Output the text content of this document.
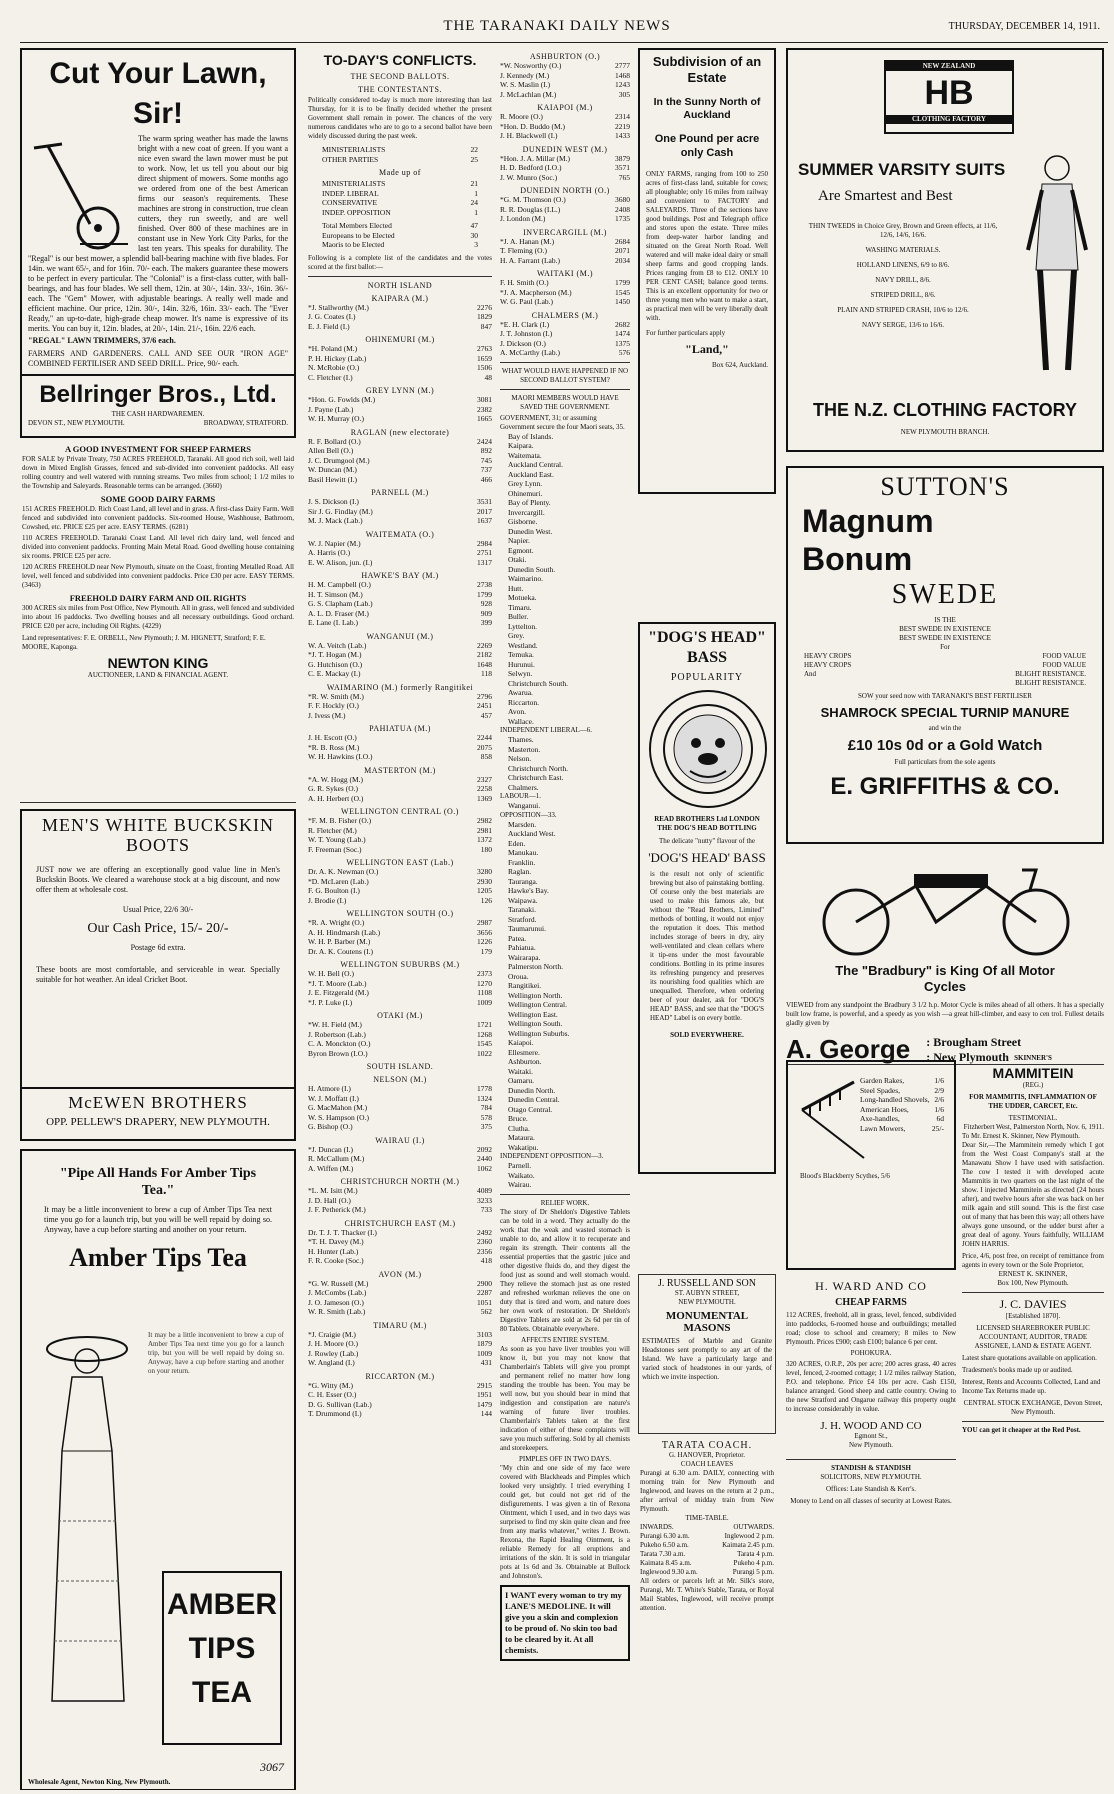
THE TARANAKI DAILY NEWS	THURSDAY, DECEMBER 14, 1911.
Cut Your Lawn, Sir!
The warm spring weather has made the lawns bright with a new coat of green. If you want a nice even sward the lawn mower must be put to work. Now, let us tell you about our big direct shipment of mowers. Some months ago we ordered from one of the best American firms our season's requirements. These machines are strong in construction, true clean cutters, they run sweetly, and are well finished. Over 800 of these machines are in constant use in New York City Parks, for the last ten years. This speaks for durability. The "Regal" is our best mower, a splendid ball-bearing machine with five blades. For 14in. we want 65/-, and for 16in. 70/- each. The makers guarantee these mowers to be perfect in every particular. The "Colonial" is a first-class cutter, with ball-bearings, and has four blades. We sell them, 12in. at 30/-, 14in. 33/-, 16in. 36/- each. The "Gem" Mower, with adjustable bearings. A really well made and efficient machine. Our price, 12in. 30/-, 14in. 32/6, 16in. 33/- each. The "Ever Ready," an up-to-date, high-grade cheap mower. It's name is expressive of its merits. You can buy it, 12in. blades, at 20/-, 14in. 21/-, 16in. 22/6 each.
"REGAL" LAWN TRIMMERS, 37/6 each.
FARMERS AND GARDENERS. CALL AND SEE OUR "IRON AGE" COMBINED FERTILISER AND SEED DRILL. Price, 90/- each.
Bellringer Bros., Ltd.
THE CASH HARDWAREMEN.
DEVON ST., NEW PLYMOUTH.	BROADWAY, STRATFORD.
A GOOD INVESTMENT FOR SHEEP FARMERS
FOR SALE by Private Treaty, 750 ACRES FREEHOLD, Taranaki. All good rich soil, well laid down in Mixed English Grasses, fenced and sub-divided into convenient paddocks. All easy rolling country and well watered with running streams. Two miles from school; 1 1/2 miles to the Township and Saleyards. Reasonable terms can be arranged. (3660)
SOME GOOD DAIRY FARMS
151 ACRES FREEHOLD. Rich Coast Land, all level and in grass. A first-class Dairy Farm. Well fenced and subdivided into convenient paddocks. Six-roomed House, Washhouse, Bathroom, Cowshed, etc. PRICE £25 per acre. EASY TERMS. (6281)
110 ACRES FREEHOLD. Taranaki Coast Land. All level rich dairy land, well fenced and divided into convenient paddocks. Fronting Main Metal Road. Good dwelling house containing six rooms. PRICE £25 per acre.
120 ACRES FREEHOLD near New Plymouth, situate on the Coast, fronting Metalled Road. All level, well fenced and subdivided into convenient paddocks. Price £30 per acre. EASY TERMS. (3463)
FREEHOLD DAIRY FARM AND OIL RIGHTS
300 ACRES six miles from Post Office, New Plymouth. All in grass, well fenced and subdivided into about 16 paddocks. Two dwelling houses and all necessary outbuildings. Good orchard. PRICE £20 per acre, including Oil Rights. (4229)
Land representatives: F. E. ORBELL, New Plymouth; J. M. HIGNETT, Stratford; F. E. MOORE, Kaponga.
NEWTON KING
AUCTIONEER, LAND & FINANCIAL AGENT.
MEN'S WHITE BUCKSKIN BOOTS
JUST now we are offering an exceptionally good value line in Men's Buckskin Boots. We cleared a warehouse stock at a big discount, and now offer them at wholesale cost.
Usual Price, 22/6 30/-
Our Cash Price, 15/- 20/-
Postage 6d extra.
These boots are most comfortable, and serviceable in wear. Specially suitable for hot weather. An ideal Cricket Boot.
McEWEN BROTHERS
OPP. PELLEW'S DRAPERY, NEW PLYMOUTH.
"Pipe All Hands For Amber Tips Tea."
It may be a little inconvenient to brew a cup of Amber Tips Tea next time you go for a launch trip, but you will be well repaid by doing so. Anyway, have a cup before starting and another on your return.
Amber Tips Tea
It may be a little inconvenient to brew a cup of Amber Tips Tea next time you go for a launch trip, but you will be well repaid by doing so. Anyway, have a cup before starting and another on your return.
AMBER TIPS TEA
3067
Wholesale Agent, Newton King, New Plymouth.
TO-DAY'S CONFLICTS.
THE SECOND BALLOTS.
THE CONTESTANTS.
Politically considered to-day is much more interesting than last Thursday, for it is to be finally decided whether the present Government shall remain in power. The chances of the very numerous candidates who are to go to a second ballot have been widely discussed during the past week.
MINISTERIALISTS	22
OTHER PARTIES	25
Made up of
MINISTERIALISTS	21
INDEP. LIBERAL	1
CONSERVATIVE	24
INDEP. OPPOSITION	1
Total Members Elected	47
Europeans to be Elected	30
Maoris to be Elected	3
Following is a complete list of the candidates and the votes scored at the first ballot:—
NORTH ISLAND
KAIPARA (M.)
*J. Stallworthy (M.)	2276
J. G. Coates (I.)	1829
E. J. Field (I.)	847
OHINEMURI (M.)
*H. Poland (M.)	2763
P. H. Hickey (Lab.)	1659
N. McRobie (O.)	1506
C. Fletcher (I.)	48
GREY LYNN (M.)
*Hon. G. Fowlds (M.)	3081
J. Payne (Lab.)	2382
W. H. Murray (O.)	1665
RAGLAN (new electorate)
R. F. Bollard (O.)	2424
Allen Bell (O.)	892
J. C. Drumgool (M.)	745
W. Duncan (M.)	737
Basil Hewitt (I.)	466
PARNELL (M.)
J. S. Dickson (I.)	3531
Sir J. G. Findlay (M.)	2017
M. J. Mack (Lab.)	1637
WAITEMATA (O.)
W. J. Napier (M.)	2984
A. Harris (O.)	2751
E. W. Alison, jun. (I.)	1317
HAWKE'S BAY (M.)
H. M. Campbell (O.)	2738
H. T. Simson (M.)	1799
G. S. Clapham (Lab.)	928
A. L. D. Fraser (M.)	909
E. Lane (I. Lab.)	399
WANGANUI (M.)
W. A. Veitch (Lab.)	2269
*J. T. Hogan (M.)	2182
G. Hutchison (O.)	1648
C. E. Mackay (I.)	118
WAIMARINO (M.) formerly Rangitikei
*R. W. Smith (M.)	2796
F. F. Hockly (O.)	2451
J. Ivess (M.)	457
PAHIATUA (M.)
J. H. Escott (O.)	2244
*R. B. Ross (M.)	2075
W. H. Hawkins (I.O.)	858
MASTERTON (M.)
*A. W. Hogg (M.)	2327
G. R. Sykes (O.)	2258
A. H. Herbert (O.)	1369
WELLINGTON CENTRAL (O.)
*F. M. B. Fisher (O.)	2982
R. Fletcher (M.)	2981
W. T. Young (Lab.)	1372
F. Freeman (Soc.)	180
WELLINGTON EAST (Lab.)
Dr. A. K. Newman (O.)	3280
*D. McLaren (Lab.)	2930
F. G. Boulton (I.)	1205
J. Brodie (I.)	126
WELLINGTON SOUTH (O.)
*R. A. Wright (O.)	2987
A. H. Hindmarsh (Lab.)	3656
W. H. P. Barber (M.)	1226
Dr. A. K. Coutens (I.)	179
WELLINGTON SUBURBS (M.)
W. H. Bell (O.)	2373
*J. T. Moore (Lab.)	1270
J. E. Fitzgerald (M.)	1108
*J. P. Luke (I.)	1009
OTAKI (M.)
*W. H. Field (M.)	1721
J. Robertson (Lab.)	1268
C. A. Monckton (O.)	1545
Byron Brown (I.O.)	1022
SOUTH ISLAND.
NELSON (M.)
H. Atmore (I.)	1778
W. J. Moffatt (I.)	1324
G. MacMahon (M.)	784
W. S. Hampson (O.)	578
G. Bishop (O.)	375
WAIRAU (I.)
*J. Duncan (I.)	2092
R. McCallum (M.)	2440
A. Wiffen (M.)	1062
CHRISTCHURCH NORTH (M.)
*L. M. Isitt (M.)	4089
J. D. Hall (O.)	3233
J. F. Petherick (M.)	733
CHRISTCHURCH EAST (M.)
Dr. T. J. T. Thacker (I.)	2492
*T. H. Davey (M.)	2360
H. Hunter (Lab.)	2356
F. R. Cooke (Soc.)	418
AVON (M.)
*G. W. Russell (M.)	2900
J. McCombs (Lab.)	2287
J. O. Jameson (O.)	1051
W. R. Smith (Lab.)	562
TIMARU (M.)
*J. Craigie (M.)	3103
J. H. Moore (O.)	1879
J. Rowley (Lab.)	1009
W. Angland (I.)	431
RICCARTON (M.)
*G. Witty (M.)	2915
C. H. Esser (O.)	1951
D. G. Sullivan (Lab.)	1479
T. Drummond (I.)	144
ASHBURTON (O.)
*W. Nosworthy (O.)	2777
J. Kennedy (M.)	1468
W. S. Maslin (I.)	1243
J. McLachlan (M.)	305
KAIAPOI (M.)
R. Moore (O.)	2314
*Hon. D. Buddo (M.)	2219
J. H. Blackwell (I.)	1433
DUNEDIN WEST (M.)
*Hon. J. A. Millar (M.)	3879
H. D. Bedford (I.O.)	3571
J. W. Munro (Soc.)	765
DUNEDIN NORTH (O.)
*G. M. Thomson (O.)	3680
R. R. Douglas (I.L.)	2408
J. London (M.)	1735
INVERCARGILL (M.)
*J. A. Hanan (M.)	2684
T. Fleming (O.)	2071
H. A. Farrant (Lab.)	2034
WAITAKI (M.)
F. H. Smith (O.)	1799
*J. A. Macpherson (M.)	1545
W. G. Paul (Lab.)	1450
CHALMERS (M.)
*E. H. Clark (I.)	2682
J. T. Johnston (I.)	1474
J. Dickson (O.)	1375
A. McCarthy (Lab.)	576
WHAT WOULD HAVE HAPPENED IF NO SECOND BALLOT SYSTEM?
MAORI MEMBERS WOULD HAVE SAVED THE GOVERNMENT.
GOVERNMENT, 31; or assuming Government secure the four Maori seats, 35.
Bay of Islands.
Kaipara.
Waitemata.
Auckland Central.
Auckland East.
Grey Lynn.
Ohinemuri.
Bay of Plenty.
Invercargill.
Gisborne.
Dunedin West.
Napier.
Egmont.
Otaki.
Dunedin South.
Waimarino.
Hutt.
Motueka.
Timaru.
Buller.
Lyttelton.
Grey.
Westland.
Temuka.
Hurunui.
Selwyn.
Christchurch South.
Awarua.
Riccarton.
Avon.
Wallace.
INDEPENDENT LIBERAL—6.
Thames.
Masterton.
Nelson.
Christchurch North.
Christchurch East.
Chalmers.
LABOUR—1.
Wanganui.
OPPOSITION—33.
Marsden.
Auckland West.
Eden.
Manukau.
Franklin.
Raglan.
Tauranga.
Hawke's Bay.
Waipawa.
Taranaki.
Stratford.
Taumarunui.
Patea.
Pahiatua.
Wairarapa.
Palmerston North.
Oroua.
Rangitikei.
Wellington North.
Wellington Central.
Wellington East.
Wellington South.
Wellington Suburbs.
Kaiapoi.
Ellesmere.
Ashburton.
Waitaki.
Oamaru.
Dunedin North.
Dunedin Central.
Otago Central.
Bruce.
Clutha.
Mataura.
Wakatipu.
INDEPENDENT OPPOSITION—3.
Parnell.
Waikato.
Wairau.
RELIEF WORK.
The story of Dr Sheldon's Digestive Tablets can be told in a word. They actually do the work that the weak and wasted stomach is unable to do, and allow it to recuperate and regain its strength. Their contents all the essential properties that the gastric juice and other digestive fluids do, and they digest the food just as sound and well stomach would. They relieve the stomach just as one rested and refreshed workman relieves the one on duty that is tired and worn, and nature does her own work of restoration. Dr Sheldon's Digestive Tablets are sold at 2s 6d per tin of 80 Tablets. Obtainable everywhere.
AFFECTS ENTIRE SYSTEM.
As soon as you have liver troubles you will know it, but you may not know that Chamberlain's Tablets will give you prompt and permanent relief no matter how long standing the trouble has been. You may be well now, but you should bear in mind that indigestion and constipation are nature's warning of future liver troubles. Chamberlain's Tablets taken at the first indication of either of these complaints will save you much suffering. Sold by all chemists and storekeepers.
PIMPLES OFF IN TWO DAYS.
"My chin and one side of my face were covered with Blackheads and Pimples which looked very unsightly. I tried everything I could get, but could not get rid of the disfigurements. I was given a tin of Rexona Ointment, which I used, and in two days was surprised to find my skin quite clean and free from any marks whatever," writes J. Brown. Rexona, the Rapid Healing Ointment, is a reliable Remedy for all eruptions and irritations of the skin. It is sold in triangular pots at 1s 6d and 3s. Obtainable at Bullock and Johnston's.
I WANT every woman to try my LANE'S MEDOLINE. It will give you a skin and complexion to be proud of. No skin too bad to be cleared by it. At all chemists.
Subdivision of an Estate
In the Sunny North of Auckland
One Pound per acre only Cash
ONLY FARMS, ranging from 100 to 250 acres of first-class land, suitable for cows; all ploughable; only 16 miles from railway and convenient to FACTORY and SALEYARDS. Three of the sections have good buildings. Post and Telegraph office and stores upon the estate. Three miles from deep-water harbor landing and situated on the Great North Road. Well watered and will make ideal dairy or small sheep farms and good cropping lands. Prices ranging from £8 to £12. ONLY 10 PER CENT CASH; balance good terms. This is an excellent opportunity for two or three young men who want to make a start, as practical men will be very liberally dealt with.
For further particulars apply
"Land,"
Box 624, Auckland.
"DOG'S HEAD" BASS
POPULARITY
READ BROTHERS Ltd LONDON
THE DOG'S HEAD BOTTLING
The delicate "nutty" flavour of the
'DOG'S HEAD' BASS
is the result not only of scientific brewing but also of painstaking bottling. Of course only the best materials are used to make this famous ale, but without the "Read Brothers, Limited" methods of bottling, it would not enjoy the reputation it does. This method includes storage of beers in dry, airy well-ventilated and clean cellars where it tip-ens under the most favourable conditions. Bottling in its prime insures its refreshing pungency and preserves its nourishing food qualities which are unequalled. Therefore, when ordering beer of your dealer, ask for "DOG'S HEAD" BASS, and see that the "DOG'S HEAD" Label is on every bottle.
SOLD EVERYWHERE.
J. RUSSELL AND SON
ST. AUBYN STREET,
NEW PLYMOUTH.
MONUMENTAL MASONS
ESTIMATES of Marble and Granite Headstones sent promptly to any art of the Island. We have a particularly large and varied stock of headstones in our yards, of which we invite inspection.
TARATA COACH.
G. HANOVER, Proprietor.
COACH LEAVES
Purangi at 6.30 a.m. DAILY, connecting with morning train for New Plymouth and Inglewood, and leaves on the return at 2 p.m., after arrival of midday train from New Plymouth.
TIME-TABLE.
INWARDS.	OUTWARDS.
Purangi 6.30 a.m.	Inglewood 2 p.m.
Pukeho 6.50 a.m.	Kaimata 2.45 p.m.
Tarata 7.30 a.m.	Tarata 4 p.m.
Kaimata 8.45 a.m.	Pukeho 4 p.m.
Inglewood 9.30 a.m.	Purangi 5 p.m.
All orders or parcels left at Mr. Silk's store, Purangi, Mr. T. White's Stable, Tarata, or Royal Mail Stables, Inglewood, will receive prompt attention.
NEW ZEALAND
HB
CLOTHING FACTORY
SUMMER VARSITY SUITS
Are Smartest and Best
THIN TWEEDS in Choice Grey, Brown and Green effects, at 11/6, 12/6, 14/6, 16/6.
WASHING MATERIALS.
HOLLAND LINENS, 6/9 to 8/6.
NAVY DRILL, 8/6.
STRIPED DRILL, 8/6.
PLAIN AND STRIPED CRASH, 10/6 to 12/6.
NAVY SERGE, 13/6 to 16/6.
THE N.Z. CLOTHING FACTORY
NEW PLYMOUTH BRANCH.
SUTTON'S
Magnum Bonum
SWEDE
IS THE
BEST SWEDE IN EXISTENCE
BEST SWEDE IN EXISTENCE
For
HEAVY CROPS	FOOD VALUE
HEAVY CROPS	FOOD VALUE
And	BLIGHT RESISTANCE.
BLIGHT RESISTANCE.
SOW your seed now with TARANAKI'S BEST FERTILISER
SHAMROCK SPECIAL TURNIP MANURE
and win the
£10 10s 0d or a Gold Watch
Full particulars from the sole agents
E. GRIFFITHS & CO.
The "Bradbury" is King Of all Motor Cycles
VIEWED from any standpoint the Bradbury 3 1/2 h.p. Motor Cycle is miles ahead of all others. It has a specially built low frame, is powerful, and a speedy as you wish —a great hill-climber, and easy to cen trol. Fullest details gladly given by
A. George : Brougham Street
: New Plymouth
Garden Rakes,	1/6
Steel Spades,	2/9
Long-handled Shovels, 2/6
American Hoes,	1/6
Axe-handles,	6d
Lawn Mowers,	25/-
Blood's Blackberry Scythes, 5/6
H. WARD AND CO
CHEAP FARMS
112 ACRES, freehold, all in grass, level, fenced, subdivided into paddocks, 6-roomed house and outbuildings; metalled road; close to school and creamery; 8 miles to New Plymouth. Prices £900; cash £100; balance 6 per cent.
POHOKURA.
320 ACRES, O.R.P., 20s per acre; 200 acres grass, 40 acres level, fenced, 2-roomed cottage; 1 1/2 miles railway Station, P.O. and telephone. Price £4 10s per acre. Cash £150, balance arranged. Good sheep and cattle country. Owing to the new Stratford and Ongarue railway this property ought to increase considerably in value.
J. H. WOOD AND CO
Egmont St.,
New Plymouth.
STANDISH & STANDISH
SOLICITORS, NEW PLYMOUTH.
Offices: Late Standish & Kerr's.
Money to Lend on all classes of security at Lowest Rates.
SKINNER'S
MAMMITEIN
(REG.)
FOR MAMMITIS, INFLAMMATION OF THE UDDER, CARCET, Etc.
TESTIMONIAL.
Fitzherbert West, Palmerston North, Nov. 6, 1911.
To Mr. Ernest K. Skinner, New Plymouth.
Dear Sir,—The Mammitein remedy which I got from the West Coast Company's stall at the Manawatu Show I have used with satisfaction. The cow I tested it with developed acute Mammitis in two quarters on the last night of the show. I injected Mammitein as directed (24 hours after), and twelve hours after she was back on her milk again and still sound. This is the first case out of many that has been this way; all others have always gone unsound, or the udder burst after a great deal of agony. Yours faithfully, WILLIAM JOHN HARRIS.
Price, 4/6, post free, on receipt of remittance from agents in every town or the Sole Proprietor,
ERNEST K. SKINNER,
Box 100, New Plymouth.
J. C. DAVIES
[Established 1870].
LICENSED SHAREBROKER PUBLIC ACCOUNTANT, AUDITOR, TRADE ASSIGNEE, LAND & ESTATE AGENT.
Latest share quotations available on application.
Tradesmen's books made up or audited.
Interest, Rents and Accounts Collected, Land and Income Tax Returns made up.
CENTRAL STOCK EXCHANGE, Devon Street, New Plymouth.
YOU can get it cheaper at the Red Post.
